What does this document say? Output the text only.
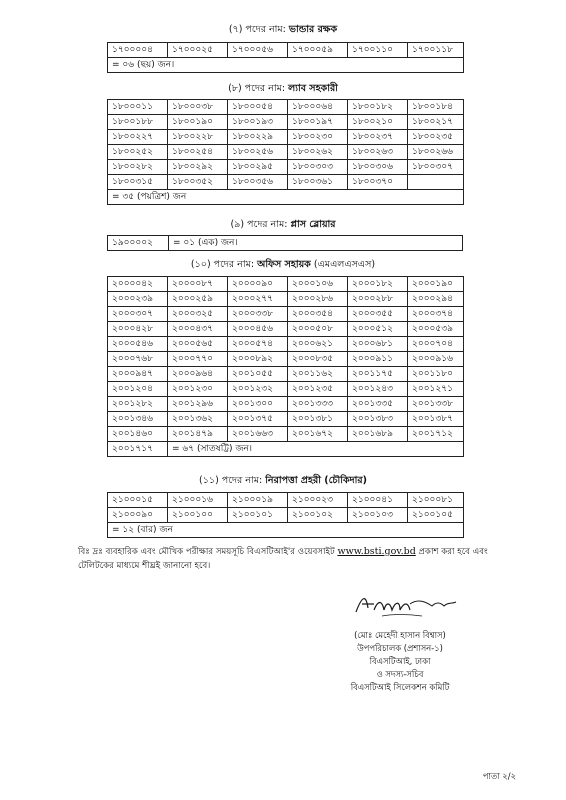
(৭) পদের নাম: ভান্ডার রক্ষক
১৭০০০০৪	১৭০০০২৫	১৭০০০৫৬	১৭০০০৫৯	১৭০০১১০	১৭০০১১৮
= ০৬ (ছয়) জন।
(৮) পদের নাম: ল্যাব সহকারী
১৮০০০১১	১৮০০০৩৮	১৮০০০৫৪	১৮০০০৬৪	১৮০০১৮২	১৮০০১৮৪
১৮০০১৮৮	১৮০০১৯০	১৮০০১৯৩	১৮০০১৯৭	১৮০০২১০	১৮০০২১৭
১৮০০২২৭	১৮০০২২৮	১৮০০২২৯	১৮০০২৩০	১৮০০২৩৭	১৮০০২৩৫
১৮০০২৫২	১৮০০২৫৪	১৮০০২৫৬	১৮০০২৬২	১৮০০২৬৩	১৮০০২৬৬
১৮০০২৮২	১৮০০২৯২	১৮০০২৯৫	১৮০০৩০৩	১৮০০৩০৬	১৮০০৩০৭
১৮০০৩১৫	১৮০০৩৫২	১৮০০৩৫৬	১৮০০৩৬১	১৮০০৩৭০	
= ৩৫ (পয়ত্রিশ) জন					
(৯) পদের নাম: প্লাস ব্লোয়ার
১৯০০০০২	= ০১ (এক) জন।
(১০) পদের নাম: অফিস সহায়ক (এমএলএসএস)
২০০০০৪২	২০০০০৮৭	২০০০০৯০	২০০০১০৬	২০০০১৮২	২০০০১৯০
২০০০২৩৯	২০০০২৫৯	২০০০২৭৭	২০০০২৮৬	২০০০২৮৮	২০০০২৯৪
২০০০৩০৭	২০০০৩২৫	২০০০৩৩৮	২০০০৩৫৪	২০০০৩৫৫	২০০০৩৭৪
২০০০৪২৮	২০০০৪৩৭	২০০০৪৫৬	২০০০৫০৮	২০০০৫১২	২০০০৫৩৯
২০০০৫৪৬	২০০০৫৬৫	২০০০৫৭৪	২০০০৬২১	২০০০৬৮১	২০০০৭০৪
২০০০৭৬৮	২০০০৭৭০	২০০০৮৯২	২০০০৮৩৫	২০০০৯১১	২০০০৯১৬
২০০০৯৪৭	২০০০৯৬৪	২০০১০৫৫	২০০১১৬২	২০০১১৭৫	২০০১১৮০
২০০১২০৪	২০০১২৩০	২০০১২৩২	২০০১২৩৫	২০০১২৪৩	২০০১২৭১
২০০১২৮২	২০০১২৯৬	২০০১৩০০	২০০১৩৩৩	২০০১৩৩৫	২০০১৩৩৮
২০০১৩৪৬	২০০১৩৬২	২০০১৩৭৫	২০০১৩৮১	২০০১৩৮৩	২০০১৩৮৭
২০০১৪৬০	২০০১৪৭৯	২০০১৬৬৩	২০০১৬৭২	২০০১৬৮৯	২০০১৭১২
২০০১৭১৭	= ৬৭ (সাতষট্টি) জন।				
(১১) পদের নাম: নিরাপত্তা প্রহরী (চৌকিদার)
২১০০০১৫	২১০০০১৬	২১০০০১৯	২১০০০২৩	২১০০০৪১	২১০০০৮১
২১০০০৯০	২১০০১০০	২১০০১০১	২১০০১০২	২১০০১০৩	২১০০১০৫
= ১২ (বার) জন					
বিঃ দ্রঃ ব্যবহারিক এবং মৌখিক পরীক্ষার সময়সূচি বিএসটিআই'র ওয়েবসাইট www.bsti.gov.bd প্রকাশ করা হবে এবং টেলিটকের মাধ্যমে শীঘ্রই জানানো হবে।
(মোঃ মেহেদী হাসান বিশ্বাস)
উপপরিচালক (প্রশাসন-১)
বিএসটিআই, ঢাকা
ও সদস্য-সচিব
বিএসটিআই সিলেকশন কমিটি
পাতা ২/২
